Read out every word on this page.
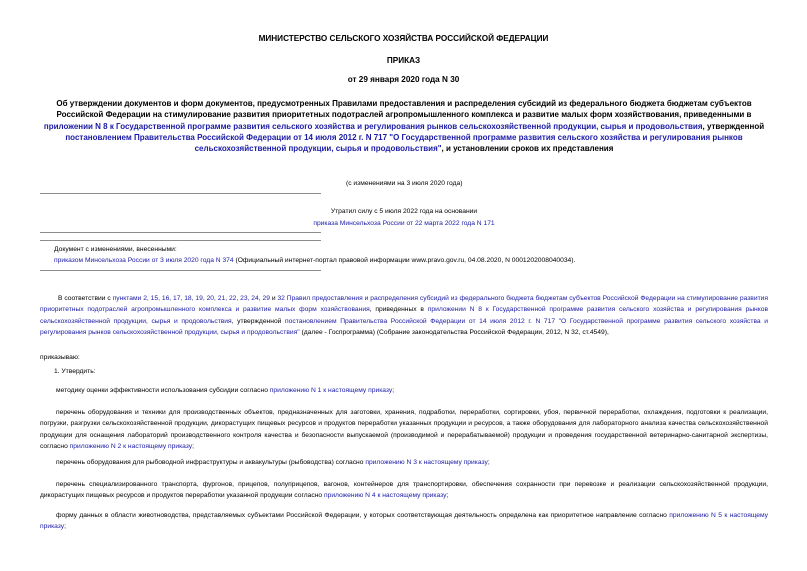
МИНИСТЕРСТВО СЕЛЬСКОГО ХОЗЯЙСТВА РОССИЙСКОЙ ФЕДЕРАЦИИ
ПРИКАЗ
от 29 января 2020 года N 30
Об утверждении документов и форм документов, предусмотренных Правилами предоставления и распределения субсидий из федерального бюджета бюджетам субъектов Российской Федерации на стимулирование развития приоритетных подотраслей агропромышленного комплекса и развитие малых форм хозяйствования, приведенными в приложении N 8 к Государственной программе развития сельского хозяйства и регулирования рынков сельскохозяйственной продукции, сырья и продовольствия, утвержденной постановлением Правительства Российской Федерации от 14 июля 2012 г. N 717 "О Государственной программе развития сельского хозяйства и регулирования рынков сельскохозяйственной продукции, сырья и продовольствия", и установлении сроков их представления
(с изменениями на 3 июля 2020 года)
Утратил силу с 5 июля 2022 года на основании
приказа Минсельхоза России от 22 марта 2022 года N 171
Документ с изменениями, внесенными:
приказом Минсельхоза России от 3 июля 2020 года N 374 (Официальный интернет-портал правовой информации www.pravo.gov.ru, 04.08.2020, N 0001202008040034).
В соответствии с пунктами 2, 15, 16, 17, 18, 19, 20, 21, 22, 23, 24, 29 и 32 Правил предоставления и распределения субсидий из федерального бюджета бюджетам субъектов Российской Федерации на стимулирование развития приоритетных подотраслей агропромышленного комплекса и развитие малых форм хозяйствования, приведенных в приложении N 8 к Государственной программе развития сельского хозяйства и регулирования рынков сельскохозяйственной продукции, сырья и продовольствия, утвержденной постановлением Правительства Российской Федерации от 14 июля 2012 г. N 717 "О Государственной программе развития сельского хозяйства и регулирования рынков сельскохозяйственной продукции, сырья и продовольствия" (далее - Госпрограмма) (Собрание законодательства Российской Федерации, 2012, N 32, ст.4549),
приказываю:
1. Утвердить:
методику оценки эффективности использования субсидии согласно приложению N 1 к настоящему приказу;
перечень оборудования и техники для производственных объектов, предназначенных для заготовки, хранения, подработки, переработки, сортировки, убоя, первичной переработки, охлаждения, подготовки к реализации, погрузки, разгрузки сельскохозяйственной продукции, дикорастущих пищевых ресурсов и продуктов переработки указанных продукции и ресурсов, а также оборудования для лабораторного анализа качества сельскохозяйственной продукции для оснащения лабораторий производственного контроля качества и безопасности выпускаемой (производимой и перерабатываемой) продукции и проведения государственной ветеринарно-санитарной экспертизы, согласно приложению N 2 к настоящему приказу;
перечень оборудования для рыбоводной инфраструктуры и аквакультуры (рыбоводства) согласно приложению N 3 к настоящему приказу;
перечень специализированного транспорта, фургонов, прицепов, полуприцепов, вагонов, контейнеров для транспортировки, обеспечения сохранности при перевозке и реализации сельскохозяйственной продукции, дикорастущих пищевых ресурсов и продуктов переработки указанной продукции согласно приложению N 4 к настоящему приказу;
форму данных в области животноводства, представляемых субъектами Российской Федерации, у которых соответствующая деятельность определена как приоритетное направление согласно приложению N 5 к настоящему приказу;
